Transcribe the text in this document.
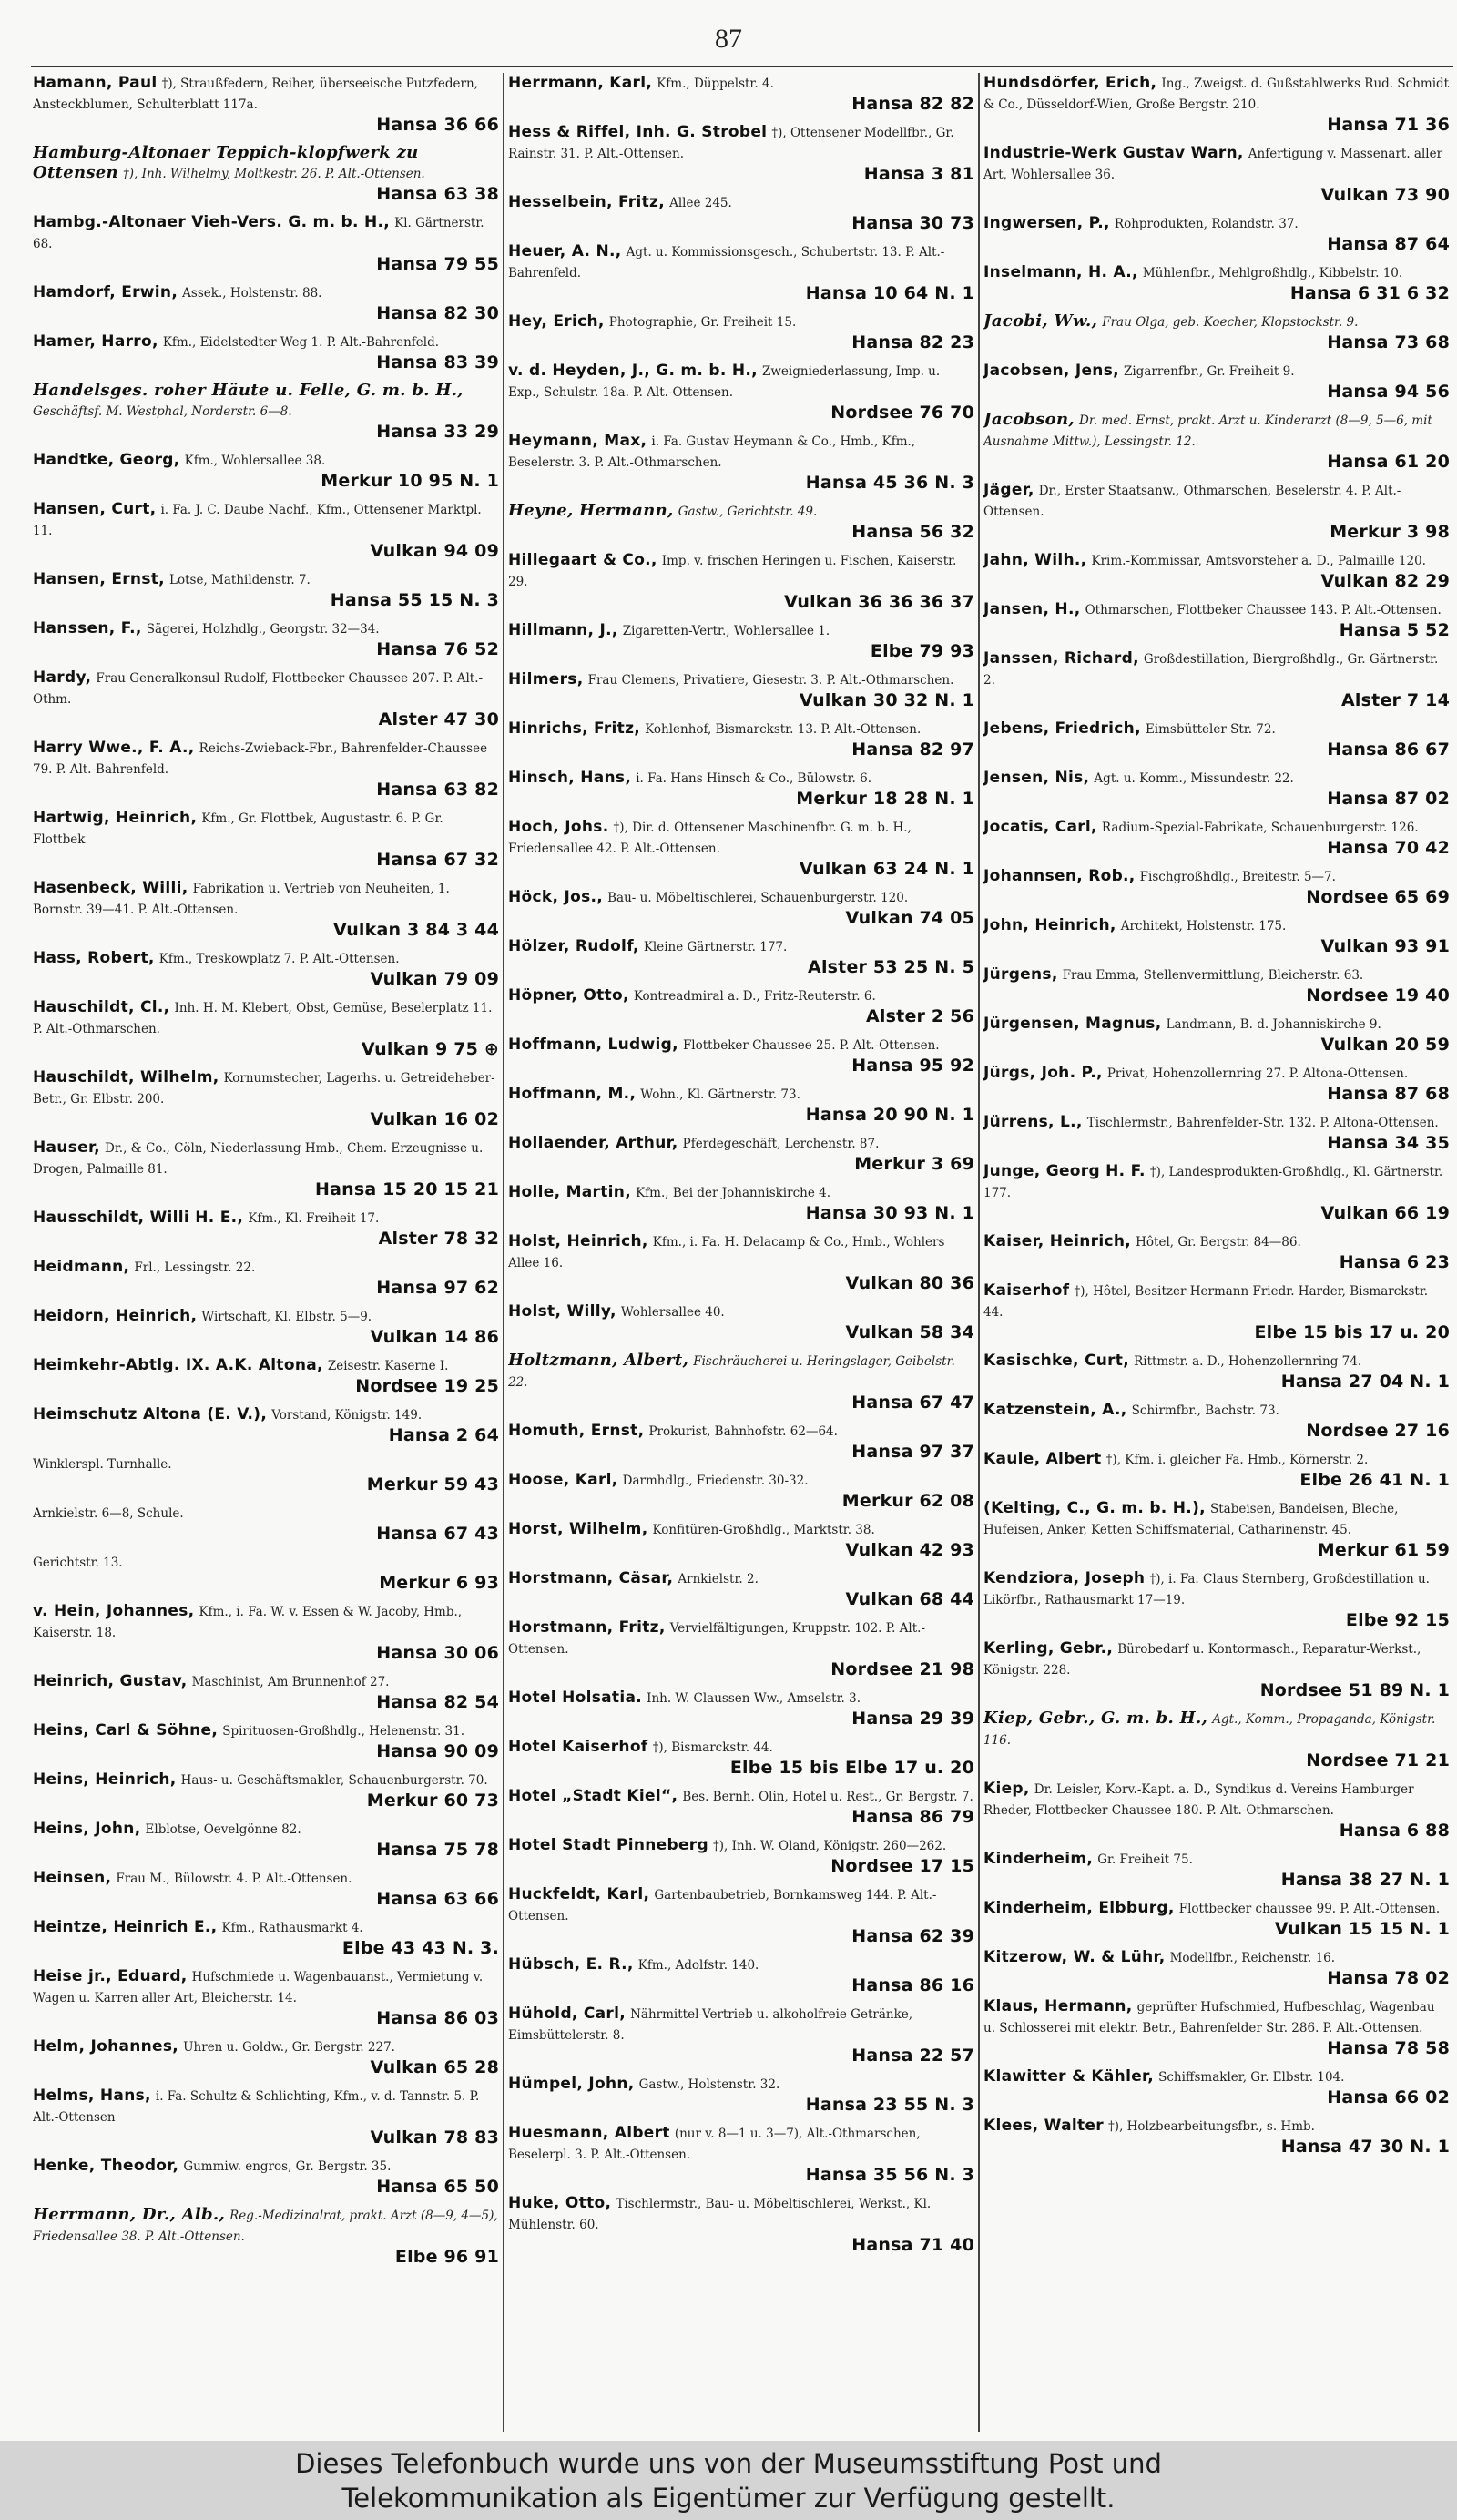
87
Hamann, Paul †), Straußfedern, Reiher, überseeische Putzfedern, Ansteckblumen, Schulterblatt 117a.
Hansa 36 66
Hamburg-Altonaer Teppich-klopfwerk zu Ottensen †), Inh. Wilhelmy, Moltkestr. 26. P. Alt.-Ottensen.
Hansa 63 38
Hambg.-Altonaer Vieh-Vers. G. m. b. H., Kl. Gärtnerstr. 68.
Hansa 79 55
Hamdorf, Erwin, Assek., Holstenstr. 88.
Hansa 82 30
Hamer, Harro, Kfm., Eidelstedter Weg 1. P. Alt.-Bahrenfeld.
Hansa 83 39
Handelsges. roher Häute u. Felle, G. m. b. H., Geschäftsf. M. Westphal, Norderstr. 6—8.
Hansa 33 29
Handtke, Georg, Kfm., Wohlersallee 38.
Merkur 10 95 N. 1
Hansen, Curt, i. Fa. J. C. Daube Nachf., Kfm., Ottensener Marktpl. 11.
Vulkan 94 09
Hansen, Ernst, Lotse, Mathildenstr. 7.
Hansa 55 15 N. 3
Hanssen, F., Sägerei, Holzhdlg., Georgstr. 32—34.
Hansa 76 52
Hardy, Frau Generalkonsul Rudolf, Flottbecker Chaussee 207. P. Alt.-Othm.
Alster 47 30
Harry Wwe., F. A., Reichs-Zwieback-Fbr., Bahrenfelder-Chaussee 79. P. Alt.-Bahrenfeld.
Hansa 63 82
Hartwig, Heinrich, Kfm., Gr. Flottbek, Augustastr. 6. P. Gr. Flottbek
Hansa 67 32
Hasenbeck, Willi, Fabrikation u. Vertrieb von Neuheiten, 1. Bornstr. 39—41. P. Alt.-Ottensen.
Vulkan 3 84 3 44
Hass, Robert, Kfm., Treskowplatz 7. P. Alt.-Ottensen.
Vulkan 79 09
Hauschildt, Cl., Inh. H. M. Klebert, Obst, Gemüse, Beselerplatz 11. P. Alt.-Othmarschen.
Vulkan 9 75 ⊕
Hauschildt, Wilhelm, Kornumstecher, Lagerhs. u. Getreideheber-Betr., Gr. Elbstr. 200.
Vulkan 16 02
Hauser, Dr., & Co., Cöln, Niederlassung Hmb., Chem. Erzeugnisse u. Drogen, Palmaille 81.
Hansa 15 20 15 21
Hausschildt, Willi H. E., Kfm., Kl. Freiheit 17.
Alster 78 32
Heidmann, Frl., Lessingstr. 22.
Hansa 97 62
Heidorn, Heinrich, Wirtschaft, Kl. Elbstr. 5—9.
Vulkan 14 86
Heimkehr-Abtlg. IX. A.K. Altona, Zeisestr. Kaserne I.
Nordsee 19 25
Heimschutz Altona (E. V.), Vorstand, Königstr. 149.
Hansa 2 64
Winklerspl. Turnhalle.
Merkur 59 43
Arnkielstr. 6—8, Schule.
Hansa 67 43
Gerichtstr. 13.
Merkur 6 93
v. Hein, Johannes, Kfm., i. Fa. W. v. Essen & W. Jacoby, Hmb., Kaiserstr. 18.
Hansa 30 06
Heinrich, Gustav, Maschinist, Am Brunnenhof 27.
Hansa 82 54
Heins, Carl & Söhne, Spirituosen-Großhdlg., Helenenstr. 31.
Hansa 90 09
Heins, Heinrich, Haus- u. Geschäftsmakler, Schauenburgerstr. 70.
Merkur 60 73
Heins, John, Elblotse, Oevelgönne 82.
Hansa 75 78
Heinsen, Frau M., Bülowstr. 4. P. Alt.-Ottensen.
Hansa 63 66
Heintze, Heinrich E., Kfm., Rathausmarkt 4.
Elbe 43 43 N. 3.
Heise jr., Eduard, Hufschmiede u. Wagenbauanst., Vermietung v. Wagen u. Karren aller Art, Bleicherstr. 14.
Hansa 86 03
Helm, Johannes, Uhren u. Goldw., Gr. Bergstr. 227.
Vulkan 65 28
Helms, Hans, i. Fa. Schultz & Schlichting, Kfm., v. d. Tannstr. 5. P. Alt.-Ottensen
Vulkan 78 83
Henke, Theodor, Gummiw. engros, Gr. Bergstr. 35.
Hansa 65 50
Herrmann, Dr., Alb., Reg.-Medizinalrat, prakt. Arzt (8—9, 4—5), Friedensallee 38. P. Alt.-Ottensen.
Elbe 96 91
Herrmann, Karl, Kfm., Düppelstr. 4.
Hansa 82 82
Hess & Riffel, Inh. G. Strobel †), Ottensener Modellfbr., Gr. Rainstr. 31. P. Alt.-Ottensen.
Hansa 3 81
Hesselbein, Fritz, Allee 245.
Hansa 30 73
Heuer, A. N., Agt. u. Kommissionsgesch., Schubertstr. 13. P. Alt.-Bahrenfeld.
Hansa 10 64 N. 1
Hey, Erich, Photographie, Gr. Freiheit 15.
Hansa 82 23
v. d. Heyden, J., G. m. b. H., Zweigniederlassung, Imp. u. Exp., Schulstr. 18a. P. Alt.-Ottensen.
Nordsee 76 70
Heymann, Max, i. Fa. Gustav Heymann & Co., Hmb., Kfm., Beselerstr. 3. P. Alt.-Othmarschen.
Hansa 45 36 N. 3
Heyne, Hermann, Gastw., Gerichtstr. 49.
Hansa 56 32
Hillegaart & Co., Imp. v. frischen Heringen u. Fischen, Kaiserstr. 29.
Vulkan 36 36 36 37
Hillmann, J., Zigaretten-Vertr., Wohlersallee 1.
Elbe 79 93
Hilmers, Frau Clemens, Privatiere, Giesestr. 3. P. Alt.-Othmarschen.
Vulkan 30 32 N. 1
Hinrichs, Fritz, Kohlenhof, Bismarckstr. 13. P. Alt.-Ottensen.
Hansa 82 97
Hinsch, Hans, i. Fa. Hans Hinsch & Co., Bülowstr. 6.
Merkur 18 28 N. 1
Hoch, Johs. †), Dir. d. Ottensener Maschinenfbr. G. m. b. H., Friedensallee 42. P. Alt.-Ottensen.
Vulkan 63 24 N. 1
Höck, Jos., Bau- u. Möbeltischlerei, Schauenburgerstr. 120.
Vulkan 74 05
Hölzer, Rudolf, Kleine Gärtnerstr. 177.
Alster 53 25 N. 5
Höpner, Otto, Kontreadmiral a. D., Fritz-Reuterstr. 6.
Alster 2 56
Hoffmann, Ludwig, Flottbeker Chaussee 25. P. Alt.-Ottensen.
Hansa 95 92
Hoffmann, M., Wohn., Kl. Gärtnerstr. 73.
Hansa 20 90 N. 1
Hollaender, Arthur, Pferdegeschäft, Lerchenstr. 87.
Merkur 3 69
Holle, Martin, Kfm., Bei der Johanniskirche 4.
Hansa 30 93 N. 1
Holst, Heinrich, Kfm., i. Fa. H. Delacamp & Co., Hmb., Wohlers Allee 16.
Vulkan 80 36
Holst, Willy, Wohlersallee 40.
Vulkan 58 34
Holtzmann, Albert, Fischräucherei u. Heringslager, Geibelstr. 22.
Hansa 67 47
Homuth, Ernst, Prokurist, Bahnhofstr. 62—64.
Hansa 97 37
Hoose, Karl, Darmhdlg., Friedenstr. 30-32.
Merkur 62 08
Horst, Wilhelm, Konfitüren-Großhdlg., Marktstr. 38.
Vulkan 42 93
Horstmann, Cäsar, Arnkielstr. 2.
Vulkan 68 44
Horstmann, Fritz, Vervielfältigungen, Kruppstr. 102. P. Alt.-Ottensen.
Nordsee 21 98
Hotel Holsatia. Inh. W. Claussen Ww., Amselstr. 3.
Hansa 29 39
Hotel Kaiserhof †), Bismarckstr. 44.
Elbe 15 bis Elbe 17 u. 20
Hotel „Stadt Kiel“, Bes. Bernh. Olin, Hotel u. Rest., Gr. Bergstr. 7.
Hansa 86 79
Hotel Stadt Pinneberg †), Inh. W. Oland, Königstr. 260—262.
Nordsee 17 15
Huckfeldt, Karl, Gartenbaubetrieb, Bornkamsweg 144. P. Alt.-Ottensen.
Hansa 62 39
Hübsch, E. R., Kfm., Adolfstr. 140.
Hansa 86 16
Hühold, Carl, Nährmittel-Vertrieb u. alkoholfreie Getränke, Eimsbüttelerstr. 8.
Hansa 22 57
Hümpel, John, Gastw., Holstenstr. 32.
Hansa 23 55 N. 3
Huesmann, Albert (nur v. 8—1 u. 3—7), Alt.-Othmarschen, Beselerpl. 3. P. Alt.-Ottensen.
Hansa 35 56 N. 3
Huke, Otto, Tischlermstr., Bau- u. Möbeltischlerei, Werkst., Kl. Mühlenstr. 60.
Hansa 71 40
Hundsdörfer, Erich, Ing., Zweigst. d. Gußstahlwerks Rud. Schmidt & Co., Düsseldorf-Wien, Große Bergstr. 210.
Hansa 71 36
Industrie-Werk Gustav Warn, Anfertigung v. Massenart. aller Art, Wohlersallee 36.
Vulkan 73 90
Ingwersen, P., Rohprodukten, Rolandstr. 37.
Hansa 87 64
Inselmann, H. A., Mühlenfbr., Mehlgroßhdlg., Kibbelstr. 10.
Hansa 6 31 6 32
Jacobi, Ww., Frau Olga, geb. Koecher, Klopstockstr. 9.
Hansa 73 68
Jacobsen, Jens, Zigarrenfbr., Gr. Freiheit 9.
Hansa 94 56
Jacobson, Dr. med. Ernst, prakt. Arzt u. Kinderarzt (8—9, 5—6, mit Ausnahme Mittw.), Lessingstr. 12.
Hansa 61 20
Jäger, Dr., Erster Staatsanw., Othmarschen, Beselerstr. 4. P. Alt.-Ottensen.
Merkur 3 98
Jahn, Wilh., Krim.-Kommissar, Amtsvorsteher a. D., Palmaille 120.
Vulkan 82 29
Jansen, H., Othmarschen, Flottbeker Chaussee 143. P. Alt.-Ottensen.
Hansa 5 52
Janssen, Richard, Großdestillation, Biergroßhdlg., Gr. Gärtnerstr. 2.
Alster 7 14
Jebens, Friedrich, Eimsbütteler Str. 72.
Hansa 86 67
Jensen, Nis, Agt. u. Komm., Missundestr. 22.
Hansa 87 02
Jocatis, Carl, Radium-Spezial-Fabrikate, Schauenburgerstr. 126.
Hansa 70 42
Johannsen, Rob., Fischgroßhdlg., Breitestr. 5—7.
Nordsee 65 69
John, Heinrich, Architekt, Holstenstr. 175.
Vulkan 93 91
Jürgens, Frau Emma, Stellenvermittlung, Bleicherstr. 63.
Nordsee 19 40
Jürgensen, Magnus, Landmann, B. d. Johanniskirche 9.
Vulkan 20 59
Jürgs, Joh. P., Privat, Hohenzollernring 27. P. Altona-Ottensen.
Hansa 87 68
Jürrens, L., Tischlermstr., Bahrenfelder-Str. 132. P. Altona-Ottensen.
Hansa 34 35
Junge, Georg H. F. †), Landesprodukten-Großhdlg., Kl. Gärtnerstr. 177.
Vulkan 66 19
Kaiser, Heinrich, Hôtel, Gr. Bergstr. 84—86.
Hansa 6 23
Kaiserhof †), Hôtel, Besitzer Hermann Friedr. Harder, Bismarckstr. 44.
Elbe 15 bis 17 u. 20
Kasischke, Curt, Rittmstr. a. D., Hohenzollernring 74.
Hansa 27 04 N. 1
Katzenstein, A., Schirmfbr., Bachstr. 73.
Nordsee 27 16
Kaule, Albert †), Kfm. i. gleicher Fa. Hmb., Körnerstr. 2.
Elbe 26 41 N. 1
(Kelting, C., G. m. b. H.), Stabeisen, Bandeisen, Bleche, Hufeisen, Anker, Ketten Schiffsmaterial, Catharinenstr. 45.
Merkur 61 59
Kendziora, Joseph †), i. Fa. Claus Sternberg, Großdestillation u. Likörfbr., Rathausmarkt 17—19.
Elbe 92 15
Kerling, Gebr., Bürobedarf u. Kontormasch., Reparatur-Werkst., Königstr. 228.
Nordsee 51 89 N. 1
Kiep, Gebr., G. m. b. H., Agt., Komm., Propaganda, Königstr. 116.
Nordsee 71 21
Kiep, Dr. Leisler, Korv.-Kapt. a. D., Syndikus d. Vereins Hamburger Rheder, Flottbecker Chaussee 180. P. Alt.-Othmarschen.
Hansa 6 88
Kinderheim, Gr. Freiheit 75.
Hansa 38 27 N. 1
Kinderheim, Elbburg, Flottbecker chaussee 99. P. Alt.-Ottensen.
Vulkan 15 15 N. 1
Kitzerow, W. & Lühr, Modellfbr., Reichenstr. 16.
Hansa 78 02
Klaus, Hermann, geprüfter Hufschmied, Hufbeschlag, Wagenbau u. Schlosserei mit elektr. Betr., Bahrenfelder Str. 286. P. Alt.-Ottensen.
Hansa 78 58
Klawitter & Kähler, Schiffsmakler, Gr. Elbstr. 104.
Hansa 66 02
Klees, Walter †), Holzbearbeitungsfbr., s. Hmb.
Hansa 47 30 N. 1
Dieses Telefonbuch wurde uns von der Museumsstiftung Post und
Telekommunikation als Eigentümer zur Verfügung gestellt.
